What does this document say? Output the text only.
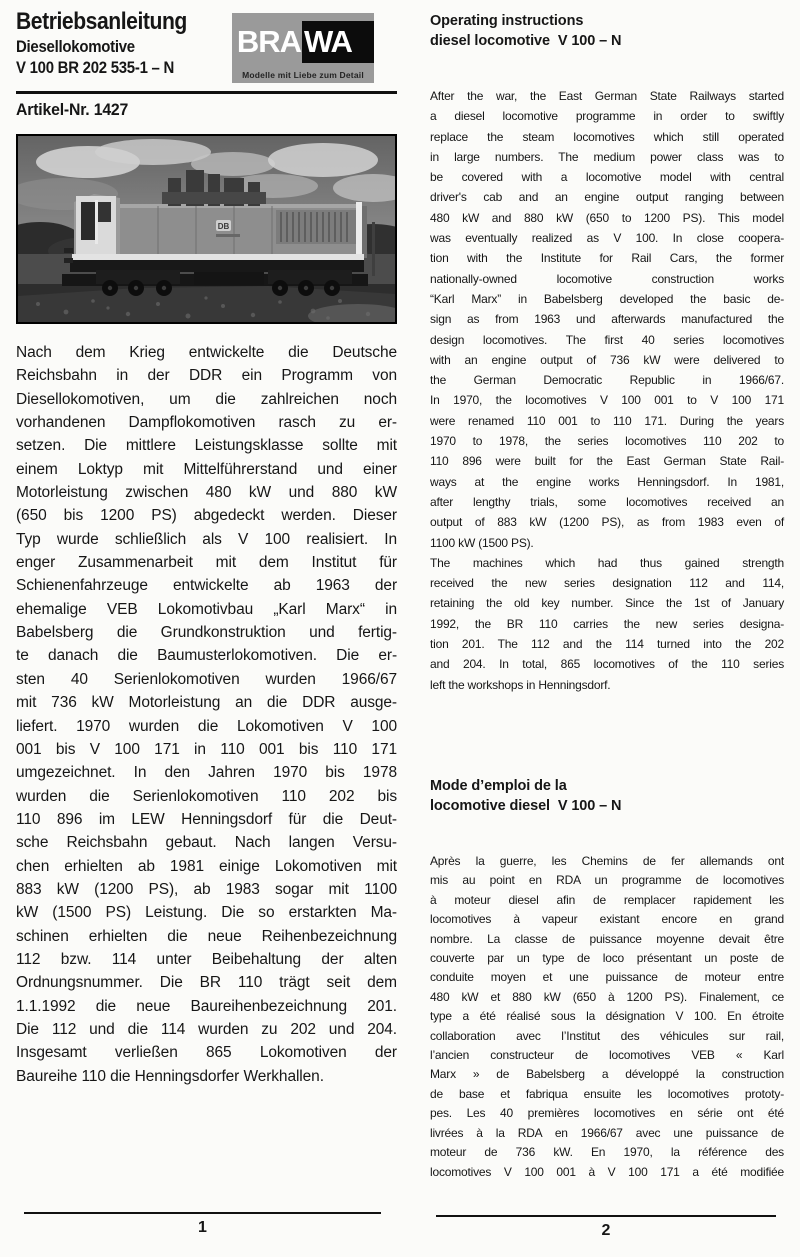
Betriebsanleitung
Diesellokomotive
V 100 BR 202 535-1 – N
BRA WA
Modelle mit Liebe zum Detail
Artikel-Nr. 1427
DB
Nach dem Krieg entwickelte die Deutsche
Reichsbahn in der DDR ein Programm von
Diesellokomotiven, um die zahlreichen noch
vorhandenen Dampflokomotiven rasch zu er-
setzen. Die mittlere Leistungsklasse sollte mit
einem Loktyp mit Mittelführerstand und einer
Motorleistung zwischen 480 kW und 880 kW
(650 bis 1200 PS) abgedeckt werden. Dieser
Typ wurde schließlich als V 100 realisiert. In
enger Zusammenarbeit mit dem Institut für
Schienenfahrzeuge entwickelte ab 1963 der
ehemalige VEB Lokomotivbau „Karl Marx“ in
Babelsberg die Grundkonstruktion und fertig-
te danach die Baumusterlokomotiven. Die er-
sten 40 Serienlokomotiven wurden 1966/67
mit 736 kW Motorleistung an die DDR ausge-
liefert. 1970 wurden die Lokomotiven V 100
001 bis V 100 171 in 110 001 bis 110 171
umgezeichnet. In den Jahren 1970 bis 1978
wurden die Serienlokomotiven 110 202 bis
110 896 im LEW Henningsdorf für die Deut-
sche Reichsbahn gebaut. Nach langen Versu-
chen erhielten ab 1981 einige Lokomotiven mit
883 kW (1200 PS), ab 1983 sogar mit 1100
kW (1500 PS) Leistung. Die so erstarkten Ma-
schinen erhielten die neue Reihenbezeichnung
112 bzw. 114 unter Beibehaltung der alten
Ordnungsnummer. Die BR 110 trägt seit dem
1.1.1992 die neue Baureihenbezeichnung 201.
Die 112 und die 114 wurden zu 202 und 204.
Insgesamt verließen 865 Lokomotiven der
Baureihe 110 die Henningsdorfer Werkhallen.
1
Operating instructions
diesel locomotive  V 100 – N
After the war, the East German State Railways started
a diesel locomotive programme in order to swiftly
replace the steam locomotives which still operated
in large numbers. The medium power class was to
be covered with a locomotive model with central
driver's cab and an engine output ranging between
480 kW and 880 kW (650 to 1200 PS). This model
was eventually realized as V 100. In close coopera-
tion with the Institute for Rail Cars, the former
nationally-owned locomotive construction works
“Karl Marx” in Babelsberg developed the basic de-
sign as from 1963 und afterwards manufactured the
design locomotives. The first 40 series locomotives
with an engine output of 736 kW were delivered to
the German Democratic Republic in 1966/67.
In 1970, the locomotives V 100 001 to V 100 171
were renamed 110 001 to 110 171. During the years
1970 to 1978, the series locomotives 110 202 to
110 896 were built for the East German State Rail-
ways at the engine works Henningsdorf. In 1981,
after lengthy trials, some locomotives received an
output of 883 kW (1200 PS), as from 1983 even of
1100 kW (1500 PS).
The machines which had thus gained strength
received the new series designation 112 and 114,
retaining the old key number. Since the 1st of January
1992, the BR 110 carries the new series designa-
tion 201. The 112 and the 114 turned into the 202
and 204. In total, 865 locomotives of the 110 series
left the workshops in Henningsdorf.
Mode d’emploi de la
locomotive diesel  V 100 – N
Après la guerre, les Chemins de fer allemands ont
mis au point en RDA un programme de locomotives
à moteur diesel afin de remplacer rapidement les
locomotives à vapeur existant encore en grand
nombre. La classe de puissance moyenne devait être
couverte par un type de loco présentant un poste de
conduite moyen et une puissance de moteur entre
480 kW et 880 kW (650 à 1200 PS). Finalement, ce
type a été réalisé sous la désignation V 100. En étroite
collaboration avec l’Institut des véhicules sur rail,
l’ancien constructeur de locomotives VEB « Karl
Marx » de Babelsberg a développé la construction
de base et fabriqua ensuite les locomotives prototy-
pes. Les 40 premières locomotives en série ont été
livrées à la RDA en 1966/67 avec une puissance de
moteur de 736 kW. En 1970, la référence des
locomotives V 100 001 à V 100 171 a été modifiée
2
